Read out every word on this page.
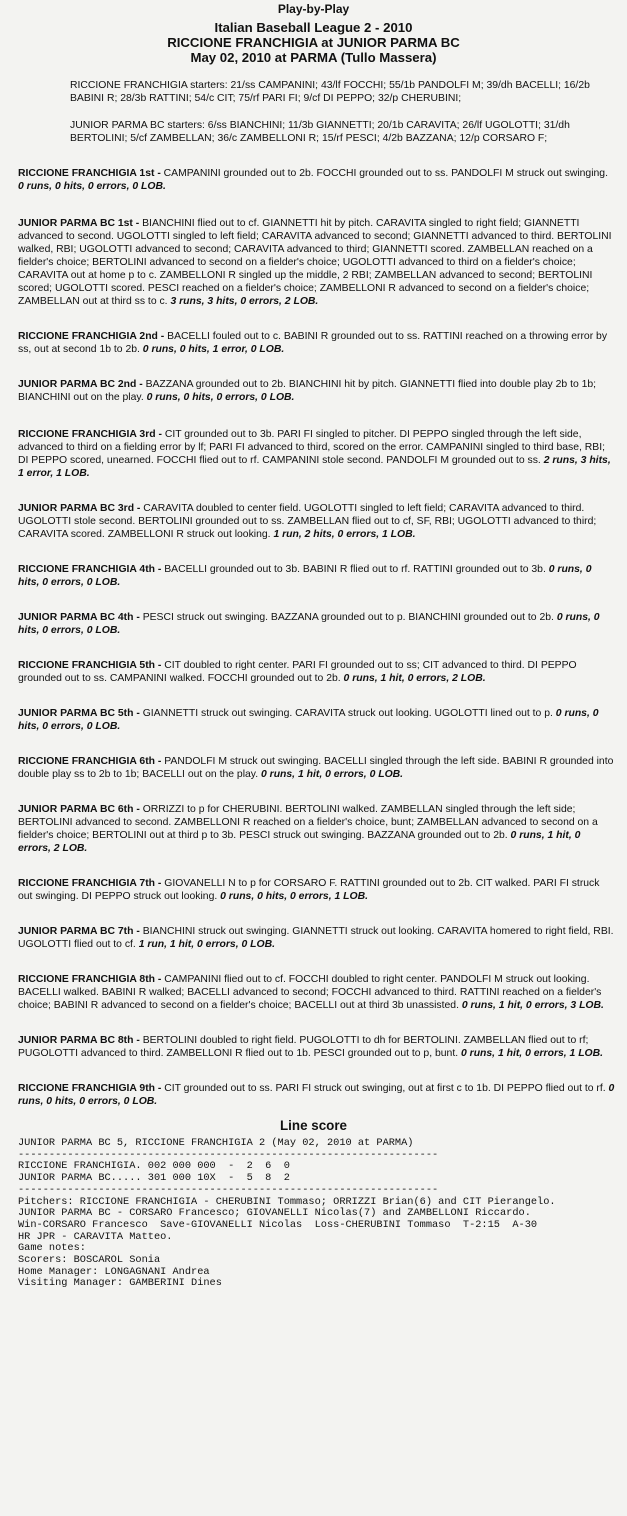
Play-by-Play
Italian Baseball League 2 - 2010
RICCIONE FRANCHIGIA at JUNIOR PARMA BC
May 02, 2010 at PARMA (Tullo Massera)
RICCIONE FRANCHIGIA starters: 21/ss CAMPANINI; 43/lf FOCCHI; 55/1b PANDOLFI M; 39/dh BACELLI; 16/2b BABINI R; 28/3b RATTINI; 54/c CIT; 75/rf PARI FI; 9/cf DI PEPPO; 32/p CHERUBINI;
JUNIOR PARMA BC starters: 6/ss BIANCHINI; 11/3b GIANNETTI; 20/1b CARAVITA; 26/lf UGOLOTTI; 31/dh BERTOLINI; 5/cf ZAMBELLAN; 36/c ZAMBELLONI R; 15/rf PESCI; 4/2b BAZZANA; 12/p CORSARO F;
RICCIONE FRANCHIGIA 1st - CAMPANINI grounded out to 2b. FOCCHI grounded out to ss. PANDOLFI M struck out swinging. 0 runs, 0 hits, 0 errors, 0 LOB.
JUNIOR PARMA BC 1st - BIANCHINI flied out to cf. GIANNETTI hit by pitch. CARAVITA singled to right field; GIANNETTI advanced to second. UGOLOTTI singled to left field; CARAVITA advanced to second; GIANNETTI advanced to third. BERTOLINI walked, RBI; UGOLOTTI advanced to second; CARAVITA advanced to third; GIANNETTI scored. ZAMBELLAN reached on a fielder's choice; BERTOLINI advanced to second on a fielder's choice; UGOLOTTI advanced to third on a fielder's choice; CARAVITA out at home p to c. ZAMBELLONI R singled up the middle, 2 RBI; ZAMBELLAN advanced to second; BERTOLINI scored; UGOLOTTI scored. PESCI reached on a fielder's choice; ZAMBELLONI R advanced to second on a fielder's choice; ZAMBELLAN out at third ss to c. 3 runs, 3 hits, 0 errors, 2 LOB.
RICCIONE FRANCHIGIA 2nd - BACELLI fouled out to c. BABINI R grounded out to ss. RATTINI reached on a throwing error by ss, out at second 1b to 2b. 0 runs, 0 hits, 1 error, 0 LOB.
JUNIOR PARMA BC 2nd - BAZZANA grounded out to 2b. BIANCHINI hit by pitch. GIANNETTI flied into double play 2b to 1b; BIANCHINI out on the play. 0 runs, 0 hits, 0 errors, 0 LOB.
RICCIONE FRANCHIGIA 3rd - CIT grounded out to 3b. PARI FI singled to pitcher. DI PEPPO singled through the left side, advanced to third on a fielding error by lf; PARI FI advanced to third, scored on the error. CAMPANINI singled to third base, RBI; DI PEPPO scored, unearned. FOCCHI flied out to rf. CAMPANINI stole second. PANDOLFI M grounded out to ss. 2 runs, 3 hits, 1 error, 1 LOB.
JUNIOR PARMA BC 3rd - CARAVITA doubled to center field. UGOLOTTI singled to left field; CARAVITA advanced to third. UGOLOTTI stole second. BERTOLINI grounded out to ss. ZAMBELLAN flied out to cf, SF, RBI; UGOLOTTI advanced to third; CARAVITA scored. ZAMBELLONI R struck out looking. 1 run, 2 hits, 0 errors, 1 LOB.
RICCIONE FRANCHIGIA 4th - BACELLI grounded out to 3b. BABINI R flied out to rf. RATTINI grounded out to 3b. 0 runs, 0 hits, 0 errors, 0 LOB.
JUNIOR PARMA BC 4th - PESCI struck out swinging. BAZZANA grounded out to p. BIANCHINI grounded out to 2b. 0 runs, 0 hits, 0 errors, 0 LOB.
RICCIONE FRANCHIGIA 5th - CIT doubled to right center. PARI FI grounded out to ss; CIT advanced to third. DI PEPPO grounded out to ss. CAMPANINI walked. FOCCHI grounded out to 2b. 0 runs, 1 hit, 0 errors, 2 LOB.
JUNIOR PARMA BC 5th - GIANNETTI struck out swinging. CARAVITA struck out looking. UGOLOTTI lined out to p. 0 runs, 0 hits, 0 errors, 0 LOB.
RICCIONE FRANCHIGIA 6th - PANDOLFI M struck out swinging. BACELLI singled through the left side. BABINI R grounded into double play ss to 2b to 1b; BACELLI out on the play. 0 runs, 1 hit, 0 errors, 0 LOB.
JUNIOR PARMA BC 6th - ORRIZZI to p for CHERUBINI. BERTOLINI walked. ZAMBELLAN singled through the left side; BERTOLINI advanced to second. ZAMBELLONI R reached on a fielder's choice, bunt; ZAMBELLAN advanced to second on a fielder's choice; BERTOLINI out at third p to 3b. PESCI struck out swinging. BAZZANA grounded out to 2b. 0 runs, 1 hit, 0 errors, 2 LOB.
RICCIONE FRANCHIGIA 7th - GIOVANELLI N to p for CORSARO F. RATTINI grounded out to 2b. CIT walked. PARI FI struck out swinging. DI PEPPO struck out looking. 0 runs, 0 hits, 0 errors, 1 LOB.
JUNIOR PARMA BC 7th - BIANCHINI struck out swinging. GIANNETTI struck out looking. CARAVITA homered to right field, RBI. UGOLOTTI flied out to cf. 1 run, 1 hit, 0 errors, 0 LOB.
RICCIONE FRANCHIGIA 8th - CAMPANINI flied out to cf. FOCCHI doubled to right center. PANDOLFI M struck out looking. BACELLI walked. BABINI R walked; BACELLI advanced to second; FOCCHI advanced to third. RATTINI reached on a fielder's choice; BABINI R advanced to second on a fielder's choice; BACELLI out at third 3b unassisted. 0 runs, 1 hit, 0 errors, 3 LOB.
JUNIOR PARMA BC 8th - BERTOLINI doubled to right field. PUGOLOTTI to dh for BERTOLINI. ZAMBELLAN flied out to rf; PUGOLOTTI advanced to third. ZAMBELLONI R flied out to 1b. PESCI grounded out to p, bunt. 0 runs, 1 hit, 0 errors, 1 LOB.
RICCIONE FRANCHIGIA 9th - CIT grounded out to ss. PARI FI struck out swinging, out at first c to 1b. DI PEPPO flied out to rf. 0 runs, 0 hits, 0 errors, 0 LOB.
Line score
JUNIOR PARMA BC 5, RICCIONE FRANCHIGIA 2 (May 02, 2010 at PARMA)
--------------------------------------------------------------------
RICCIONE FRANCHIGIA. 002 000 000  -  2  6  0
JUNIOR PARMA BC..... 301 000 10X  -  5  8  2
--------------------------------------------------------------------
Pitchers: RICCIONE FRANCHIGIA - CHERUBINI Tommaso; ORRIZZI Brian(6) and CIT Pierangelo.
JUNIOR PARMA BC - CORSARO Francesco; GIOVANELLI Nicolas(7) and ZAMBELLONI Riccardo.
Win-CORSARO Francesco  Save-GIOVANELLI Nicolas  Loss-CHERUBINI Tommaso  T-2:15  A-30
HR JPR - CARAVITA Matteo.
Game notes:
Scorers: BOSCAROL Sonia
Home Manager: LONGAGNANI Andrea
Visiting Manager: GAMBERINI Dines
